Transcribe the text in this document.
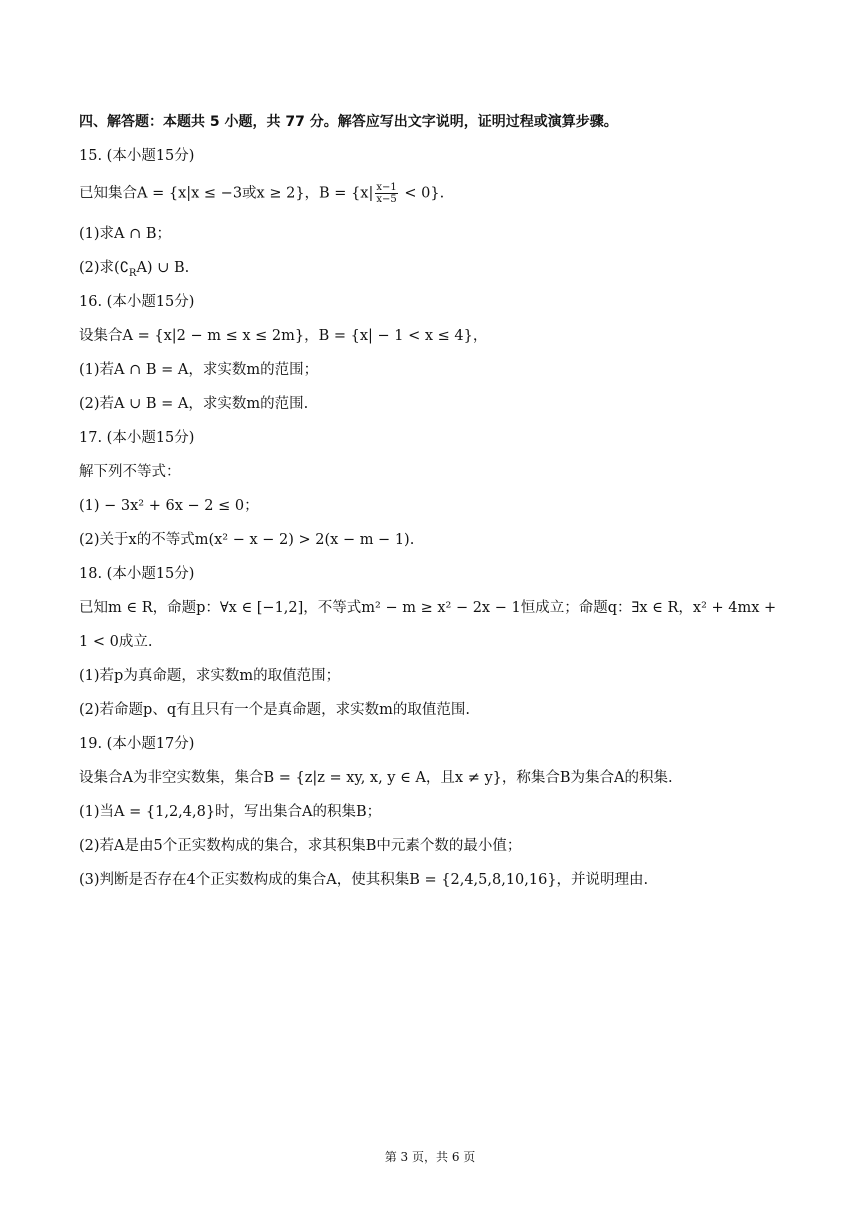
四、解答题：本题共 5 小题，共 77 分。解答应写出文字说明，证明过程或演算步骤。
15. (本小题15分)
已知集合A = {x|x ≤ −3或x ≥ 2}，$B = \{x| \frac{x-1}{x-5} < 0\}$.
(1)求A ∩ B；
(2)求$(∁_RA)$ ∪ B.
16. (本小题15分)
设集合A = {x|2 − m ≤ x ≤ 2m}，B = {x| − 1 < x ≤ 4}，
(1)若A ∩ B = A，求实数m的范围；
(2)若A ∪ B = A，求实数m的范围.
17. (本小题15分)
解下列不等式：
(1) − 3x² + 6x − 2 ≤ 0；
(2)关于x的不等式m(x² − x − 2) > 2(x − m − 1).
18. (本小题15分)
已知m ∈ R，命题p：∀x ∈ [−1,2]，不等式m² − m ≥ x² − 2x − 1恒成立；命题q：∃x ∈ R，x² + 4mx +
1 < 0成立.
(1)若p为真命题，求实数m的取值范围；
(2)若命题p、q有且只有一个是真命题，求实数m的取值范围.
19. (本小题17分)
设集合A为非空实数集，集合B = {z|z = xy, x, y ∈ A，且x ≠ y}，称集合B为集合A的积集.
(1)当A = {1,2,4,8}时，写出集合A的积集B；
(2)若A是由5个正实数构成的集合，求其积集B中元素个数的最小值；
(3)判断是否存在4个正实数构成的集合A，使其积集B = {2,4,5,8,10,16}，并说明理由.
第 3 页，共 6 页
